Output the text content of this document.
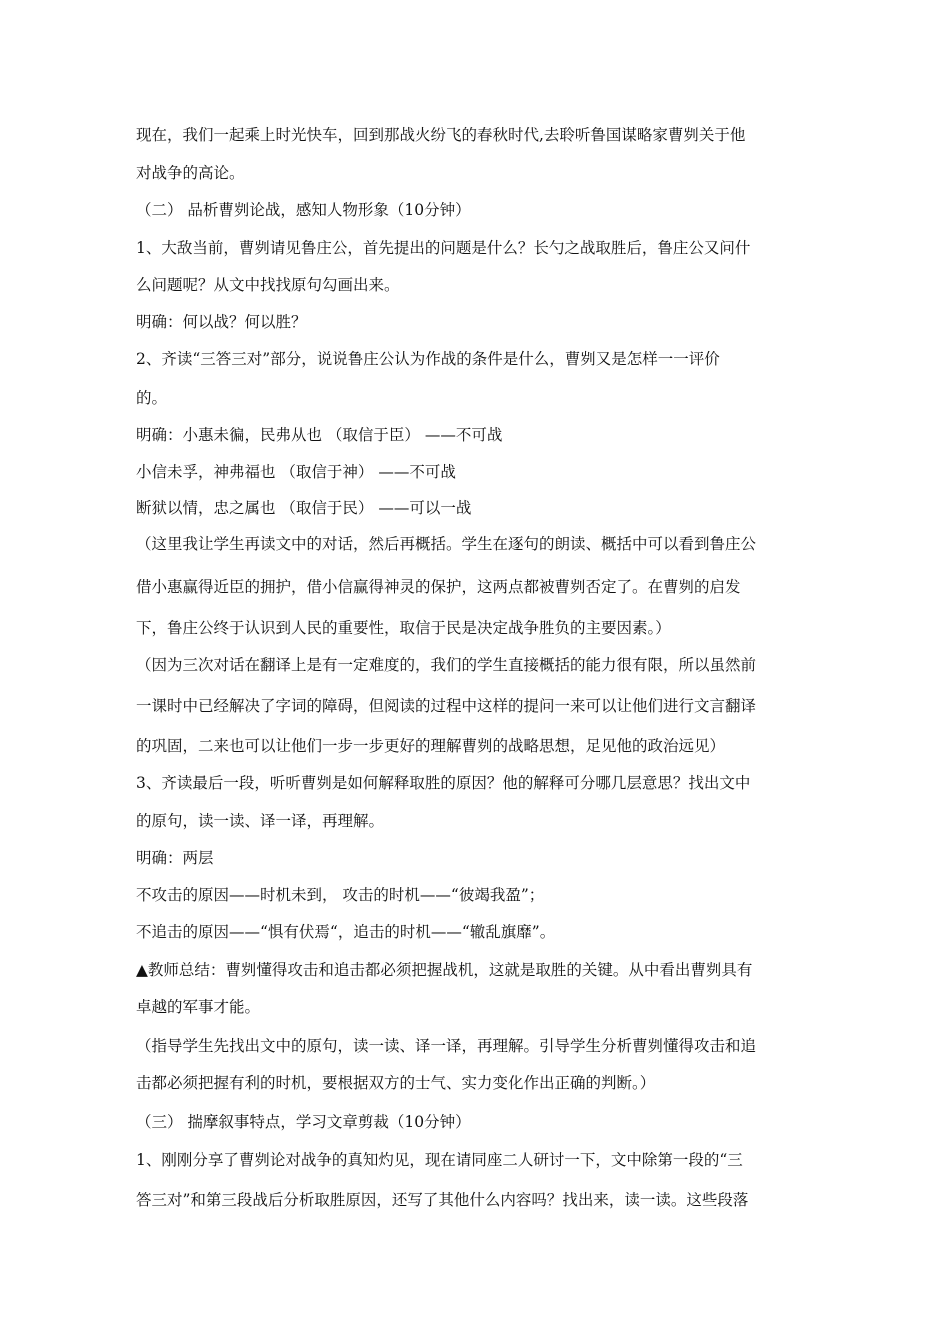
现在，我们一起乘上时光快车，回到那战火纷飞的春秋时代,去聆听鲁国谋略家曹刿关于他
对战争的高论。
（二） 品析曹刿论战，感知人物形象（10分钟）
1、大敌当前，曹刿请见鲁庄公，首先提出的问题是什么？长勺之战取胜后，鲁庄公又问什
么问题呢？从文中找找原句勾画出来。
明确：何以战？何以胜？
2、齐读“三答三对”部分，说说鲁庄公认为作战的条件是什么，曹刿又是怎样一一评价
的。
明确：小惠未徧，民弗从也 （取信于臣） ——不可战
小信未孚，神弗福也 （取信于神） ——不可战
断狱以情，忠之属也 （取信于民） ——可以一战
（这里我让学生再读文中的对话，然后再概括。学生在逐句的朗读、概括中可以看到鲁庄公
借小惠赢得近臣的拥护，借小信赢得神灵的保护，这两点都被曹刿否定了。在曹刿的启发
下，鲁庄公终于认识到人民的重要性，取信于民是决定战争胜负的主要因素。）
（因为三次对话在翻译上是有一定难度的，我们的学生直接概括的能力很有限，所以虽然前
一课时中已经解决了字词的障碍，但阅读的过程中这样的提问一来可以让他们进行文言翻译
的巩固，二来也可以让他们一步一步更好的理解曹刿的战略思想，足见他的政治远见）
3、齐读最后一段，听听曹刿是如何解释取胜的原因？他的解释可分哪几层意思？找出文中
的原句，读一读、译一译，再理解。
明确：两层
不攻击的原因——时机未到， 攻击的时机——“彼竭我盈”；
不追击的原因——“惧有伏焉“，追击的时机——“辙乱旗靡”。
▲教师总结：曹刿懂得攻击和追击都必须把握战机，这就是取胜的关键。从中看出曹刿具有
卓越的军事才能。
（指导学生先找出文中的原句，读一读、译一译，再理解。引导学生分析曹刿懂得攻击和追
击都必须把握有利的时机，要根据双方的士气、实力变化作出正确的判断。）
（三） 揣摩叙事特点，学习文章剪裁（10分钟）
1、刚刚分享了曹刿论对战争的真知灼见，现在请同座二人研讨一下，文中除第一段的“三
答三对”和第三段战后分析取胜原因，还写了其他什么内容吗？找出来，读一读。这些段落
